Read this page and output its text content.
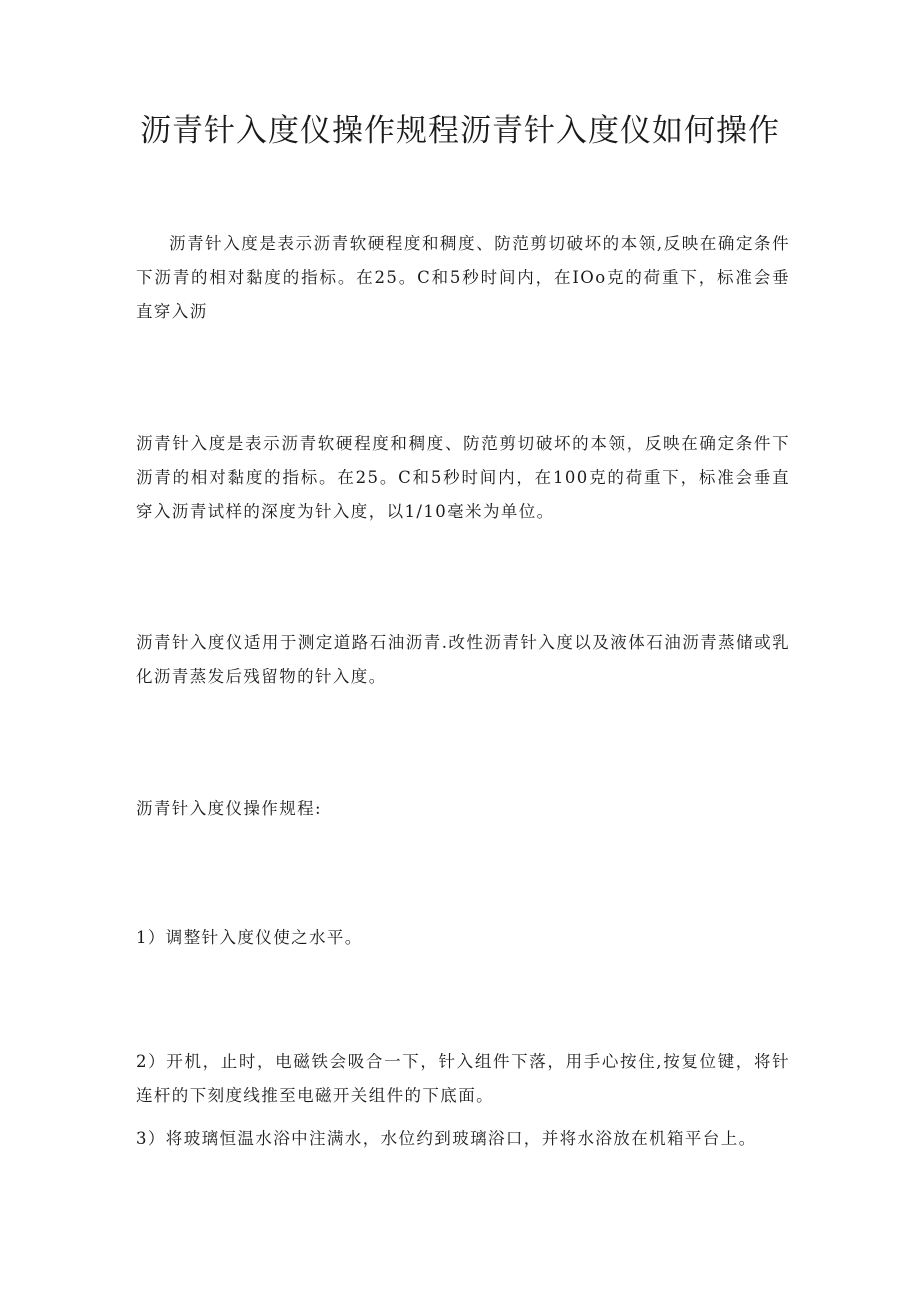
沥青针入度仪操作规程沥青针入度仪如何操作

沥青针入度是表示沥青软硬程度和稠度、防范剪切破坏的本领,反映在确定条件下沥青的相对黏度的指标。在25。C和5秒时间内，在IOo克的荷重下，标准会垂直穿入沥

沥青针入度是表示沥青软硬程度和稠度、防范剪切破坏的本领，反映在确定条件下沥青的相对黏度的指标。在25。C和5秒时间内，在100克的荷重下，标准会垂直穿入沥青试样的深度为针入度，以1/10毫米为单位。

沥青针入度仪适用于测定道路石油沥青.改性沥青针入度以及液体石油沥青蒸储或乳化沥青蒸发后残留物的针入度。

沥青针入度仪操作规程:

1）调整针入度仪使之水平。

2）开机，止时，电磁铁会吸合一下，针入组件下落，用手心按住,按复位键，将针连杆的下刻度线推至电磁开关组件的下底面。

3）将玻璃恒温水浴中注满水，水位约到玻璃浴口，并将水浴放在机箱平台上。
